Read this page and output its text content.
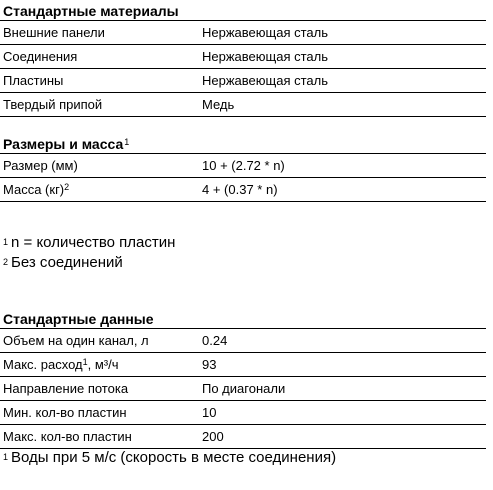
Стандартные материалы
Внешние панели	Нержавеющая сталь
Соединения	Нержавеющая сталь
Пластины	Нержавеющая сталь
Твердый припой	Медь
Размеры и масса$^1$
Размер (мм)	10 + (2.72 * n)
Масса (кг)$^2$	4 + (0.37 * n)
$^1$ n = количество пластин
$^2$ Без соединений
Стандартные данные
Объем на один канал, л	0.24
Макс. расход$^1$, м³/ч	93
Направление потока	По диагонали
Мин. кол-во пластин	10
Макс. кол-во пластин	200
$^1$ Воды при 5 м/с (скорость в месте соединения)
